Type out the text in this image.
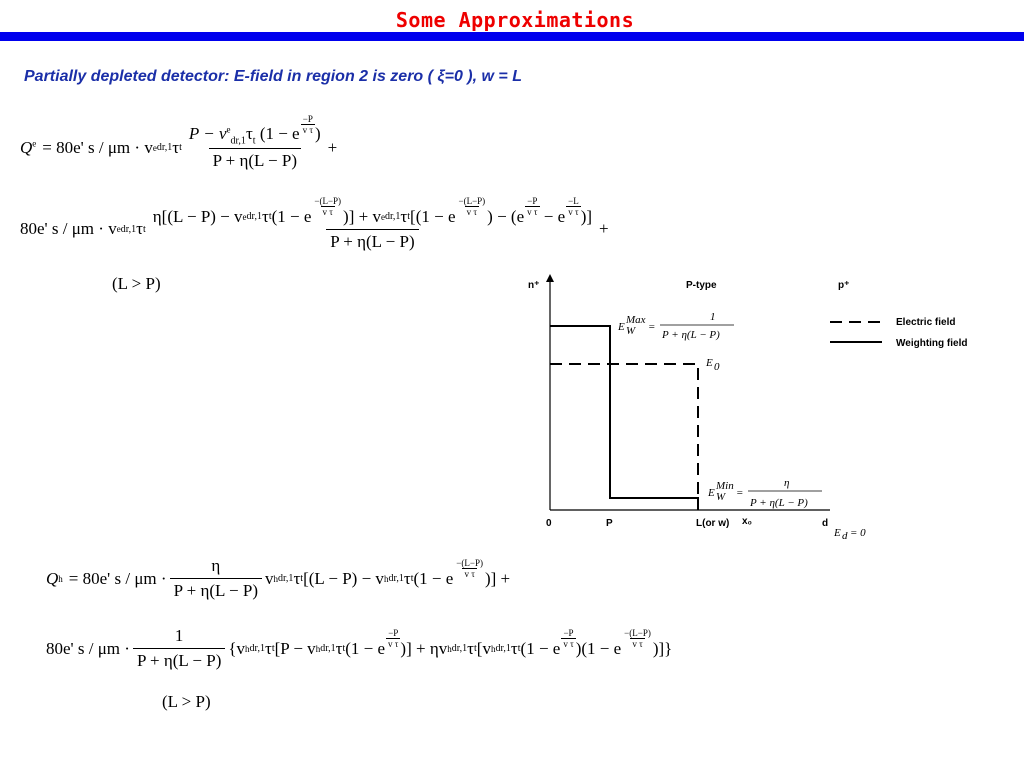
Some Approximations
Partially depleted detector: E-field in region 2 is zero ( ξ=0 ), w = L
$Q^e = 80e'$ s / μm · v e dr,1 τ t $\frac{P - v^e_{dr,1}\tau_t (1 - e \frac{-P}{\text{v τ}} )}{P + \eta(L - P)}$ +
80e' s / μm · v e dr,1 τ t
η[(L − P) − v e dr,1 τ t (1 − e
−(L−P)
v τ )] + v e dr,1 τ t [(1 − e
−(L−P)
v τ ) − (e
−P
v τ − e
−L
v τ )]
P + η(L − P)
+
(L > P)	n⁺	P-type	p⁺
0	P	L(or w) x₀	d
E W
Max
=
1
P + η(L − P)
E 0
E W
Min
=
η
P + η(L − P)
E d = 0
Electric field
Weighting field
Q h = 80e' $s / \mu m \cdot \frac{\eta}{P + \eta(L - P)}$ v h dr,1 τ t [(L − P) − v h dr,1 τ t (1 − e
−(L−P)
v τ )] +
80e' $s / \mu m \cdot \frac{1}{P + \eta(L - P)} \{v$ h dr,1 τ t [P − v h dr,1 τ t (1 − e
−P
v τ )] + ηv h dr,1 τ t [v h dr,1 τ t (1 − e
−P
v τ )(1 − e
−(L−P)
v τ )]}
(L > P)
